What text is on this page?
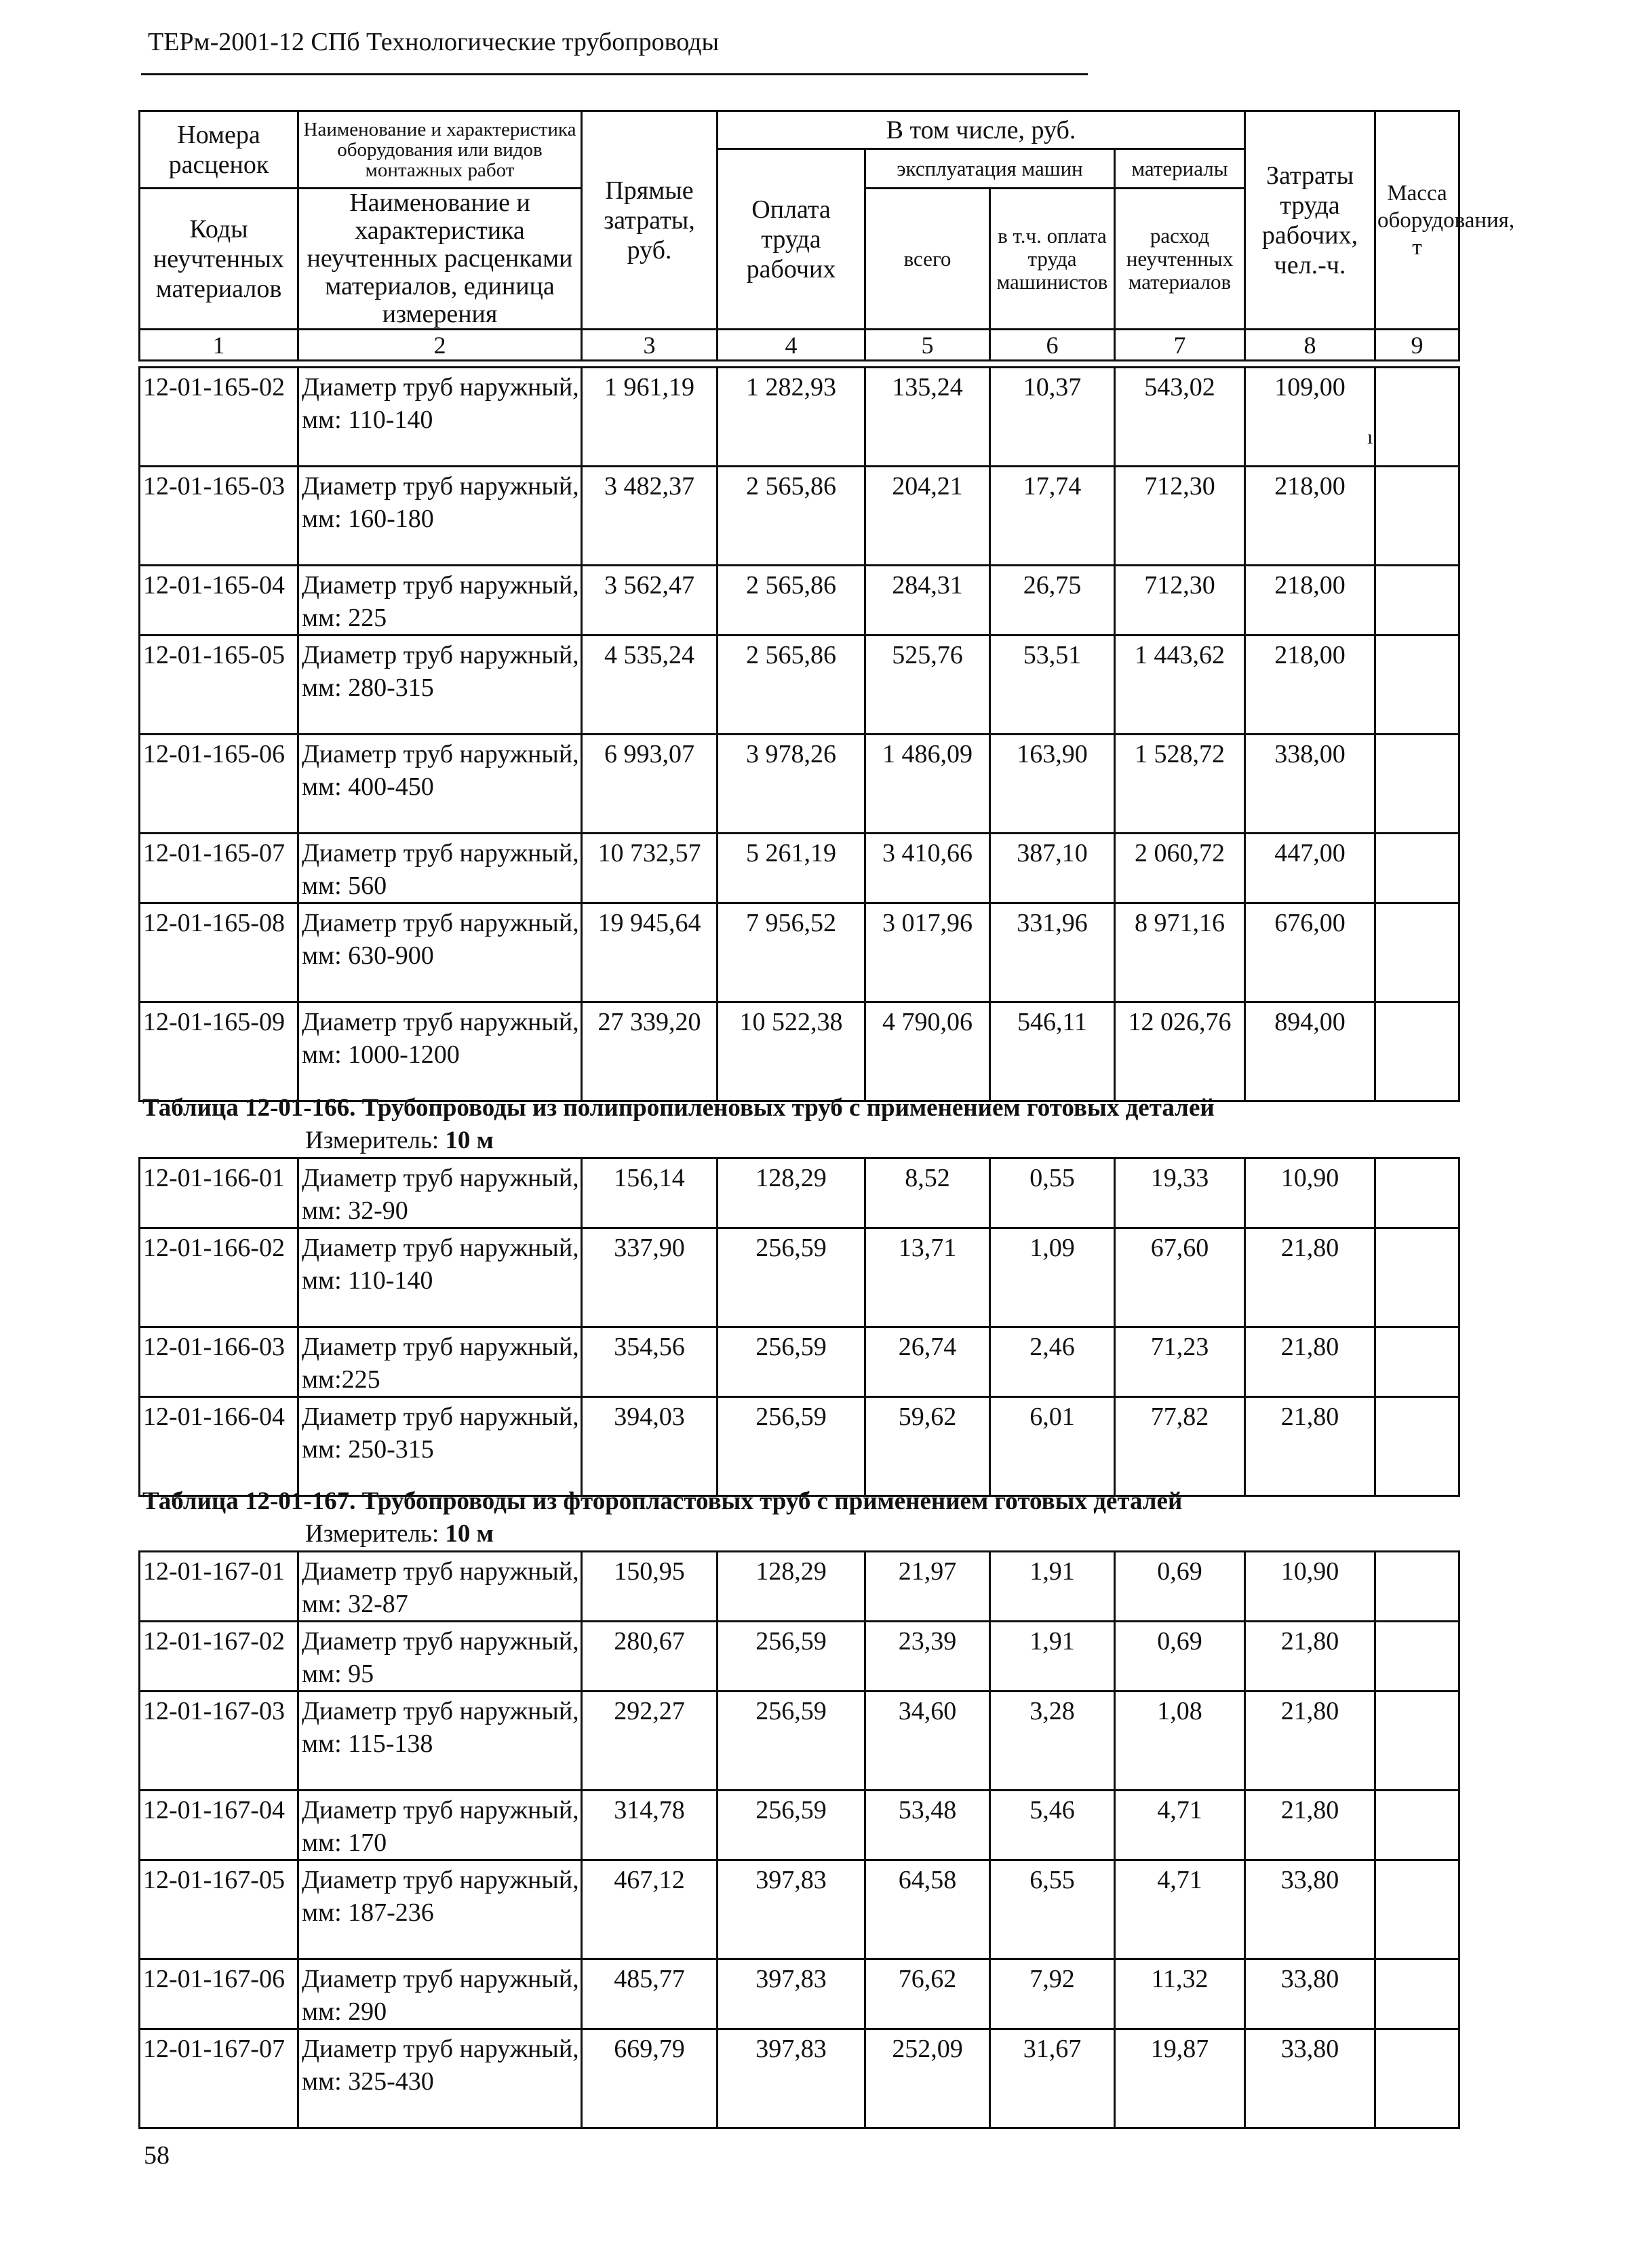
ТЕРм-2001-12 СПб Технологические трубопроводы
Номера расценок	Наименование и характеристика оборудования или видов монтажных работ	Прямые затраты, руб.	В том числе, руб.				Затраты труда рабочих, чел.-ч.	Масса оборудования, т
			Оплата труда рабочих	эксплуатация машин		материалы		
Коды неучтенных материалов	Наименование и характеристика неучтенных расценками материалов, единица измерения			всего	в т.ч. оплата труда машинистов	расход неучтенных материалов		

1	2	3	4	5	6	7	8	9
12-01-165-02	Диаметр труб наружный, мм: 110-140	1 961,19	1 282,93	135,24	10,37	543,02	109,00	
12-01-165-03	Диаметр труб наружный, мм: 160-180	3 482,37	2 565,86	204,21	17,74	712,30	218,00	
12-01-165-04	Диаметр труб наружный, мм: 225	3 562,47	2 565,86	284,31	26,75	712,30	218,00	
12-01-165-05	Диаметр труб наружный, мм: 280-315	4 535,24	2 565,86	525,76	53,51	1 443,62	218,00	
12-01-165-06	Диаметр труб наружный, мм: 400-450	6 993,07	3 978,26	1 486,09	163,90	1 528,72	338,00	
12-01-165-07	Диаметр труб наружный, мм: 560	10 732,57	5 261,19	3 410,66	387,10	2 060,72	447,00	
12-01-165-08	Диаметр труб наружный, мм: 630-900	19 945,64	7 956,52	3 017,96	331,96	8 971,16	676,00	
12-01-165-09	Диаметр труб наружный, мм: 1000-1200	27 339,20	10 522,38	4 790,06	546,11	12 026,76	894,00	
ı
Таблица 12-01-166. Трубопроводы из полипропиленовых труб с применением готовых деталей
Измеритель: 10 м
12-01-166-01	Диаметр труб наружный, мм: 32-90	156,14	128,29	8,52	0,55	19,33	10,90	
12-01-166-02	Диаметр труб наружный, мм: 110-140	337,90	256,59	13,71	1,09	67,60	21,80	
12-01-166-03	Диаметр труб наружный, мм:225	354,56	256,59	26,74	2,46	71,23	21,80	
12-01-166-04	Диаметр труб наружный, мм: 250-315	394,03	256,59	59,62	6,01	77,82	21,80	
Таблица 12-01-167. Трубопроводы из фторопластовых труб с применением готовых деталей
Измеритель: 10 м
12-01-167-01	Диаметр труб наружный, мм: 32-87	150,95	128,29	21,97	1,91	0,69	10,90	
12-01-167-02	Диаметр труб наружный, мм: 95	280,67	256,59	23,39	1,91	0,69	21,80	
12-01-167-03	Диаметр труб наружный, мм: 115-138	292,27	256,59	34,60	3,28	1,08	21,80	
12-01-167-04	Диаметр труб наружный, мм: 170	314,78	256,59	53,48	5,46	4,71	21,80	
12-01-167-05	Диаметр труб наружный, мм: 187-236	467,12	397,83	64,58	6,55	4,71	33,80	
12-01-167-06	Диаметр труб наружный, мм: 290	485,77	397,83	76,62	7,92	11,32	33,80	
12-01-167-07	Диаметр труб наружный, мм: 325-430	669,79	397,83	252,09	31,67	19,87	33,80	
58
